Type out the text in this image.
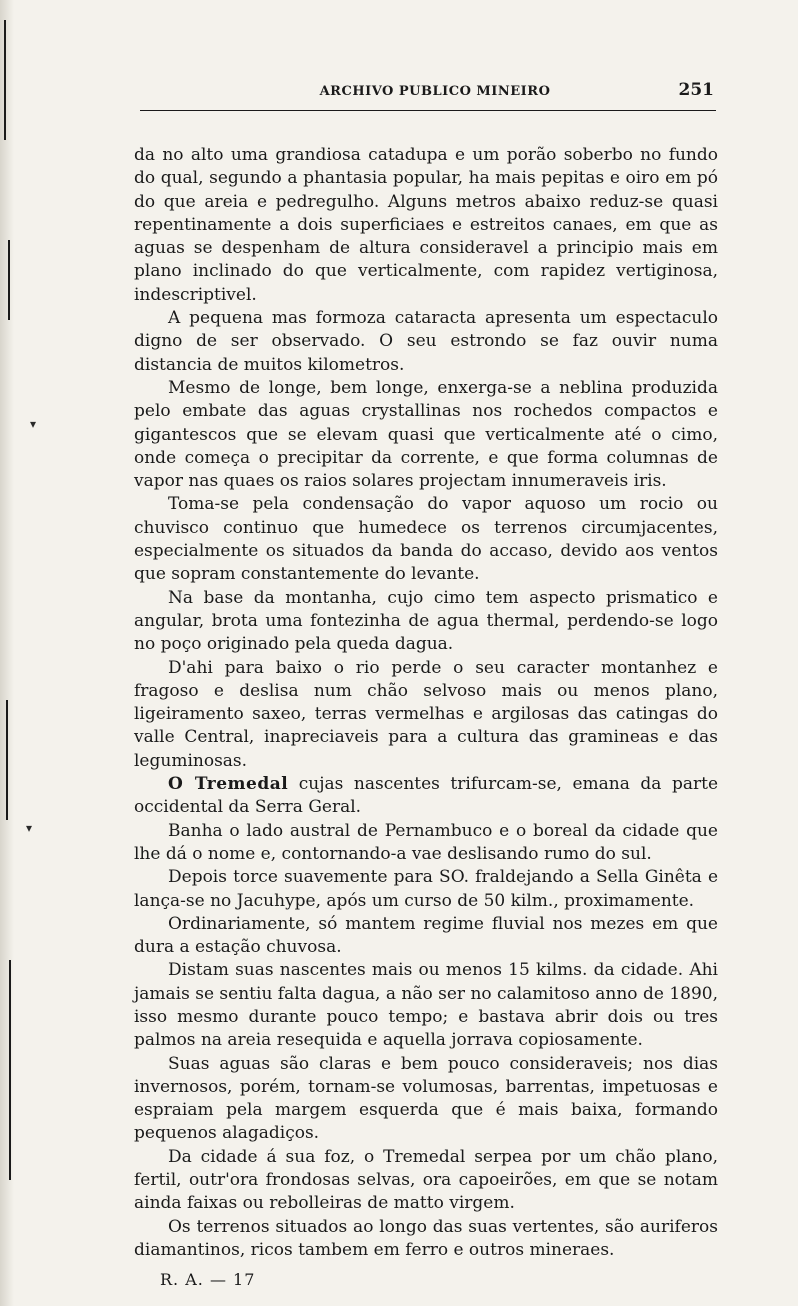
▾
▾
ARCHIVO PUBLICO MINEIRO	251

da no alto uma grandiosa catadupa e um porão soberbo no fundo do qual, segundo a phantasia popular, ha mais pepitas e oiro em pó do que areia e pedregulho. Alguns metros abaixo reduz-se quasi repentinamente a dois superficiaes e estreitos canaes, em que as aguas se despenham de altura consideravel a principio mais em plano inclinado do que verticalmente, com rapidez vertiginosa, indescriptivel.

A pequena mas formoza cataracta apresenta um espectaculo digno de ser observado. O seu estrondo se faz ouvir numa distancia de muitos kilometros.

Mesmo de longe, bem longe, enxerga-se a neblina produzida pelo embate das aguas crystallinas nos rochedos compactos e gigantescos que se elevam quasi que verticalmente até o cimo, onde começa o precipitar da corrente, e que forma columnas de vapor nas quaes os raios solares projectam innumeraveis iris.

Toma-se pela condensação do vapor aquoso um rocio ou chuvisco continuo que humedece os terrenos circumjacentes, especialmente os situados da banda do accaso, devido aos ventos que sopram constantemente do levante.

Na base da montanha, cujo cimo tem aspecto prismatico e angular, brota uma fontezinha de agua thermal, perdendo-se logo no poço originado pela queda dagua.

D'ahi para baixo o rio perde o seu caracter montanhez e fragoso e deslisa num chão selvoso mais ou menos plano, ligeiramento saxeo, terras vermelhas e argilosas das catingas do valle Central, inapreciaveis para a cultura das gramineas e das leguminosas.

O Tremedal cujas nascentes trifurcam-se, emana da parte occidental da Serra Geral.

Banha o lado austral de Pernambuco e o boreal da cidade que lhe dá o nome e, contornando-a vae deslisando rumo do sul.

Depois torce suavemente para SO. fraldejando a Sella Ginêta e lança-se no Jacuhype, após um curso de 50 kilm., proximamente.

Ordinariamente, só mantem regime fluvial nos mezes em que dura a estação chuvosa.

Distam suas nascentes mais ou menos 15 kilms. da cidade. Ahi jamais se sentiu falta dagua, a não ser no calamitoso anno de 1890, isso mesmo durante pouco tempo; e bastava abrir dois ou tres palmos na areia resequida e aquella jorrava copiosamente.

Suas aguas são claras e bem pouco consideraveis; nos dias invernosos, porém, tornam-se volumosas, barrentas, impetuosas e espraiam pela margem esquerda que é mais baixa, formando pequenos alagadiços.

Da cidade á sua foz, o Tremedal serpea por um chão plano, fertil, outr'ora frondosas selvas, ora capoeirões, em que se notam ainda faixas ou rebolleiras de matto virgem.

Os terrenos situados ao longo das suas vertentes, são auriferos diamantinos, ricos tambem em ferro e outros mineraes.

R. A. — 17
